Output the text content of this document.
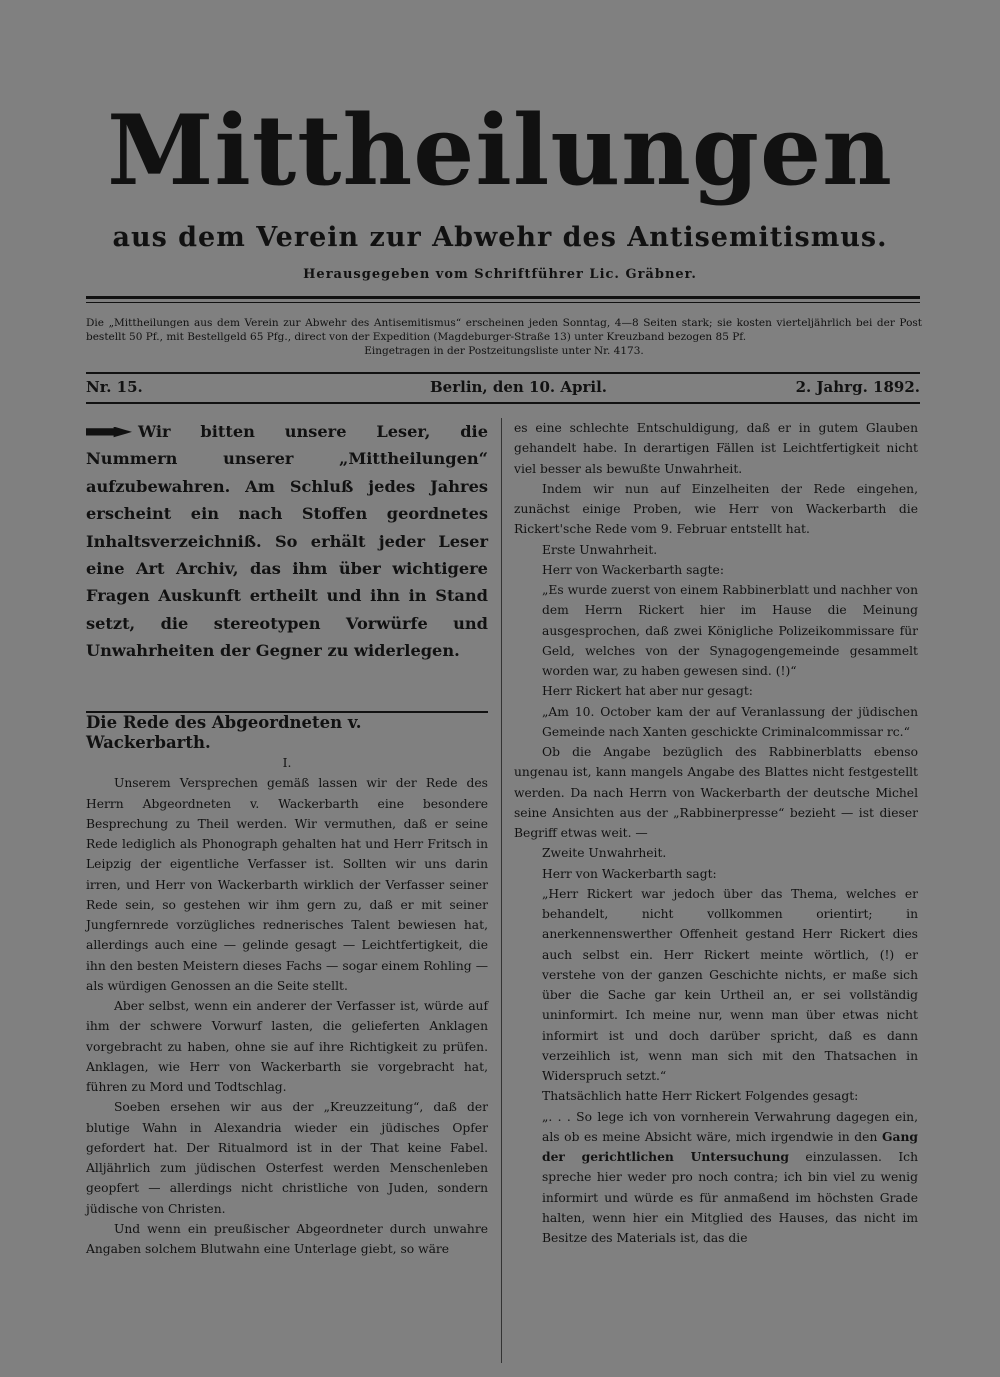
Mittheilungen
aus dem Verein zur Abwehr des Antisemitismus.
Herausgegeben vom Schriftführer Lic. Gräbner.

Die „Mittheilungen aus dem Verein zur Abwehr des Antisemitismus“ erscheinen jeden Sonntag, 4—8 Seiten stark; sie kosten vierteljährlich bei der Post bestellt 50 Pf., mit Bestellgeld 65 Pfg., direct von der Expedition (Magdeburger-Straße 13) unter Kreuzband bezogen 85 Pf.

Eingetragen in der Postzeitungsliste unter Nr. 4173.

Nr. 15.	Berlin, den 10. April.	2. Jahrg. 1892.

Wir bitten unsere Leser, die Nummern unserer „Mittheilungen“ aufzubewahren. Am Schluß jedes Jahres erscheint ein nach Stoffen geordnetes Inhaltsverzeichniß. So erhält jeder Leser eine Art Archiv, das ihm über wichtigere Fragen Auskunft ertheilt und ihn in Stand setzt, die stereotypen Vorwürfe und Unwahrheiten der Gegner zu widerlegen.

Die Rede des Abgeordneten v. Wackerbarth.

I.

Unserem Versprechen gemäß lassen wir der Rede des Herrn Abgeordneten v. Wackerbarth eine besondere Besprechung zu Theil werden. Wir vermuthen, daß er seine Rede lediglich als Phonograph gehalten hat und Herr Fritsch in Leipzig der eigentliche Verfasser ist. Sollten wir uns darin irren, und Herr von Wackerbarth wirklich der Verfasser seiner Rede sein, so gestehen wir ihm gern zu, daß er mit seiner Jungfernrede vorzügliches rednerisches Talent bewiesen hat, allerdings auch eine — gelinde gesagt — Leichtfertigkeit, die ihn den besten Meistern dieses Fachs — sogar einem Rohling — als würdigen Genossen an die Seite stellt.

Aber selbst, wenn ein anderer der Verfasser ist, würde auf ihm der schwere Vorwurf lasten, die gelieferten Anklagen vorgebracht zu haben, ohne sie auf ihre Richtigkeit zu prüfen. Anklagen, wie Herr von Wackerbarth sie vorgebracht hat, führen zu Mord und Todtschlag.

Soeben ersehen wir aus der „Kreuzzeitung“, daß der blutige Wahn in Alexandria wieder ein jüdisches Opfer gefordert hat. Der Ritualmord ist in der That keine Fabel. Alljährlich zum jüdischen Osterfest werden Menschenleben geopfert — allerdings nicht christliche von Juden, sondern jüdische von Christen.

Und wenn ein preußischer Abgeordneter durch unwahre Angaben solchem Blutwahn eine Unterlage giebt, so wäre

es eine schlechte Entschuldigung, daß er in gutem Glauben gehandelt habe. In derartigen Fällen ist Leichtfertigkeit nicht viel besser als bewußte Unwahrheit.

Indem wir nun auf Einzelheiten der Rede eingehen, zunächst einige Proben, wie Herr von Wackerbarth die Rickert'sche Rede vom 9. Februar entstellt hat.

Erste Unwahrheit.

Herr von Wackerbarth sagte:

„Es wurde zuerst von einem Rabbinerblatt und nachher von dem Herrn Rickert hier im Hause die Meinung ausgesprochen, daß zwei Königliche Polizeikommissare für Geld, welches von der Synagogengemeinde gesammelt worden war, zu haben gewesen sind. (!)“

Herr Rickert hat aber nur gesagt:

„Am 10. October kam der auf Veranlassung der jüdischen Gemeinde nach Xanten geschickte Criminalcommissar rc.“

Ob die Angabe bezüglich des Rabbinerblatts ebenso ungenau ist, kann mangels Angabe des Blattes nicht festgestellt werden. Da nach Herrn von Wackerbarth der deutsche Michel seine Ansichten aus der „Rabbinerpresse“ bezieht — ist dieser Begriff etwas weit. —

Zweite Unwahrheit.

Herr von Wackerbarth sagt:

„Herr Rickert war jedoch über das Thema, welches er behandelt, nicht vollkommen orientirt; in anerkennenswerther Offenheit gestand Herr Rickert dies auch selbst ein. Herr Rickert meinte wörtlich, (!) er verstehe von der ganzen Geschichte nichts, er maße sich über die Sache gar kein Urtheil an, er sei vollständig uninformirt. Ich meine nur, wenn man über etwas nicht informirt ist und doch darüber spricht, daß es dann verzeihlich ist, wenn man sich mit den Thatsachen in Widerspruch setzt.“

Thatsächlich hatte Herr Rickert Folgendes gesagt:

„. . . So lege ich von vornherein Verwahrung dagegen ein, als ob es meine Absicht wäre, mich irgendwie in den Gang der gerichtlichen Untersuchung einzulassen. Ich spreche hier weder pro noch contra; ich bin viel zu wenig informirt und würde es für anmaßend im höchsten Grade halten, wenn hier ein Mitglied des Hauses, das nicht im Besitze des Materials ist, das die
